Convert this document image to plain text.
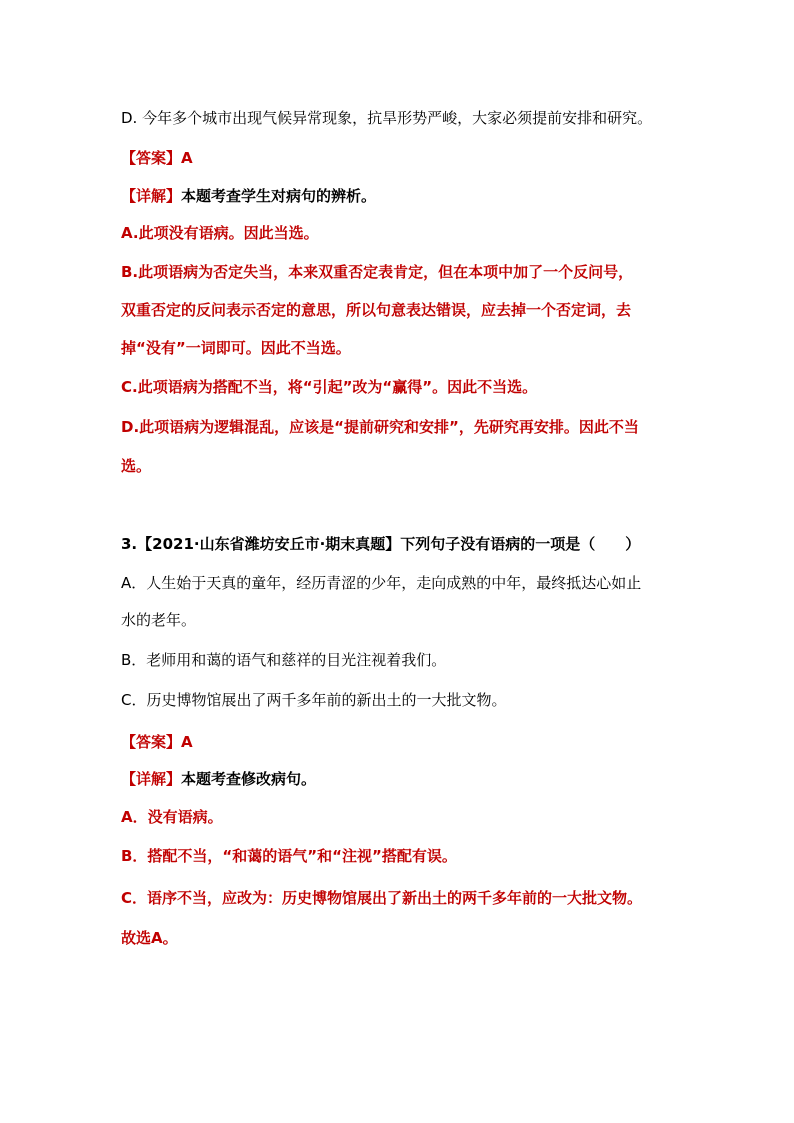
D. 今年多个城市出现气候异常现象，抗旱形势严峻，大家必须提前安排和研究。
【答案】A
【详解】本题考查学生对病句的辨析。
A.此项没有语病。因此当选。
B.此项语病为否定失当，本来双重否定表肯定，但在本项中加了一个反问号，
双重否定的反问表示否定的意思，所以句意表达错误，应去掉一个否定词，去
掉“没有”一词即可。因此不当选。
C.此项语病为搭配不当，将“引起”改为“赢得”。因此不当选。
D.此项语病为逻辑混乱，应该是“提前研究和安排”，先研究再安排。因此不当
选。
3.【2021·山东省潍坊安丘市·期末真题】下列句子没有语病的一项是（　　）
A．人生始于天真的童年，经历青涩的少年，走向成熟的中年，最终抵达心如止
水的老年。
B．老师用和蔼的语气和慈祥的目光注视着我们。
C．历史博物馆展出了两千多年前的新出土的一大批文物。
【答案】A
【详解】本题考查修改病句。
A．没有语病。
B．搭配不当，“和蔼的语气”和“注视”搭配有误。
C．语序不当，应改为：历史博物馆展出了新出土的两千多年前的一大批文物。
故选A。
